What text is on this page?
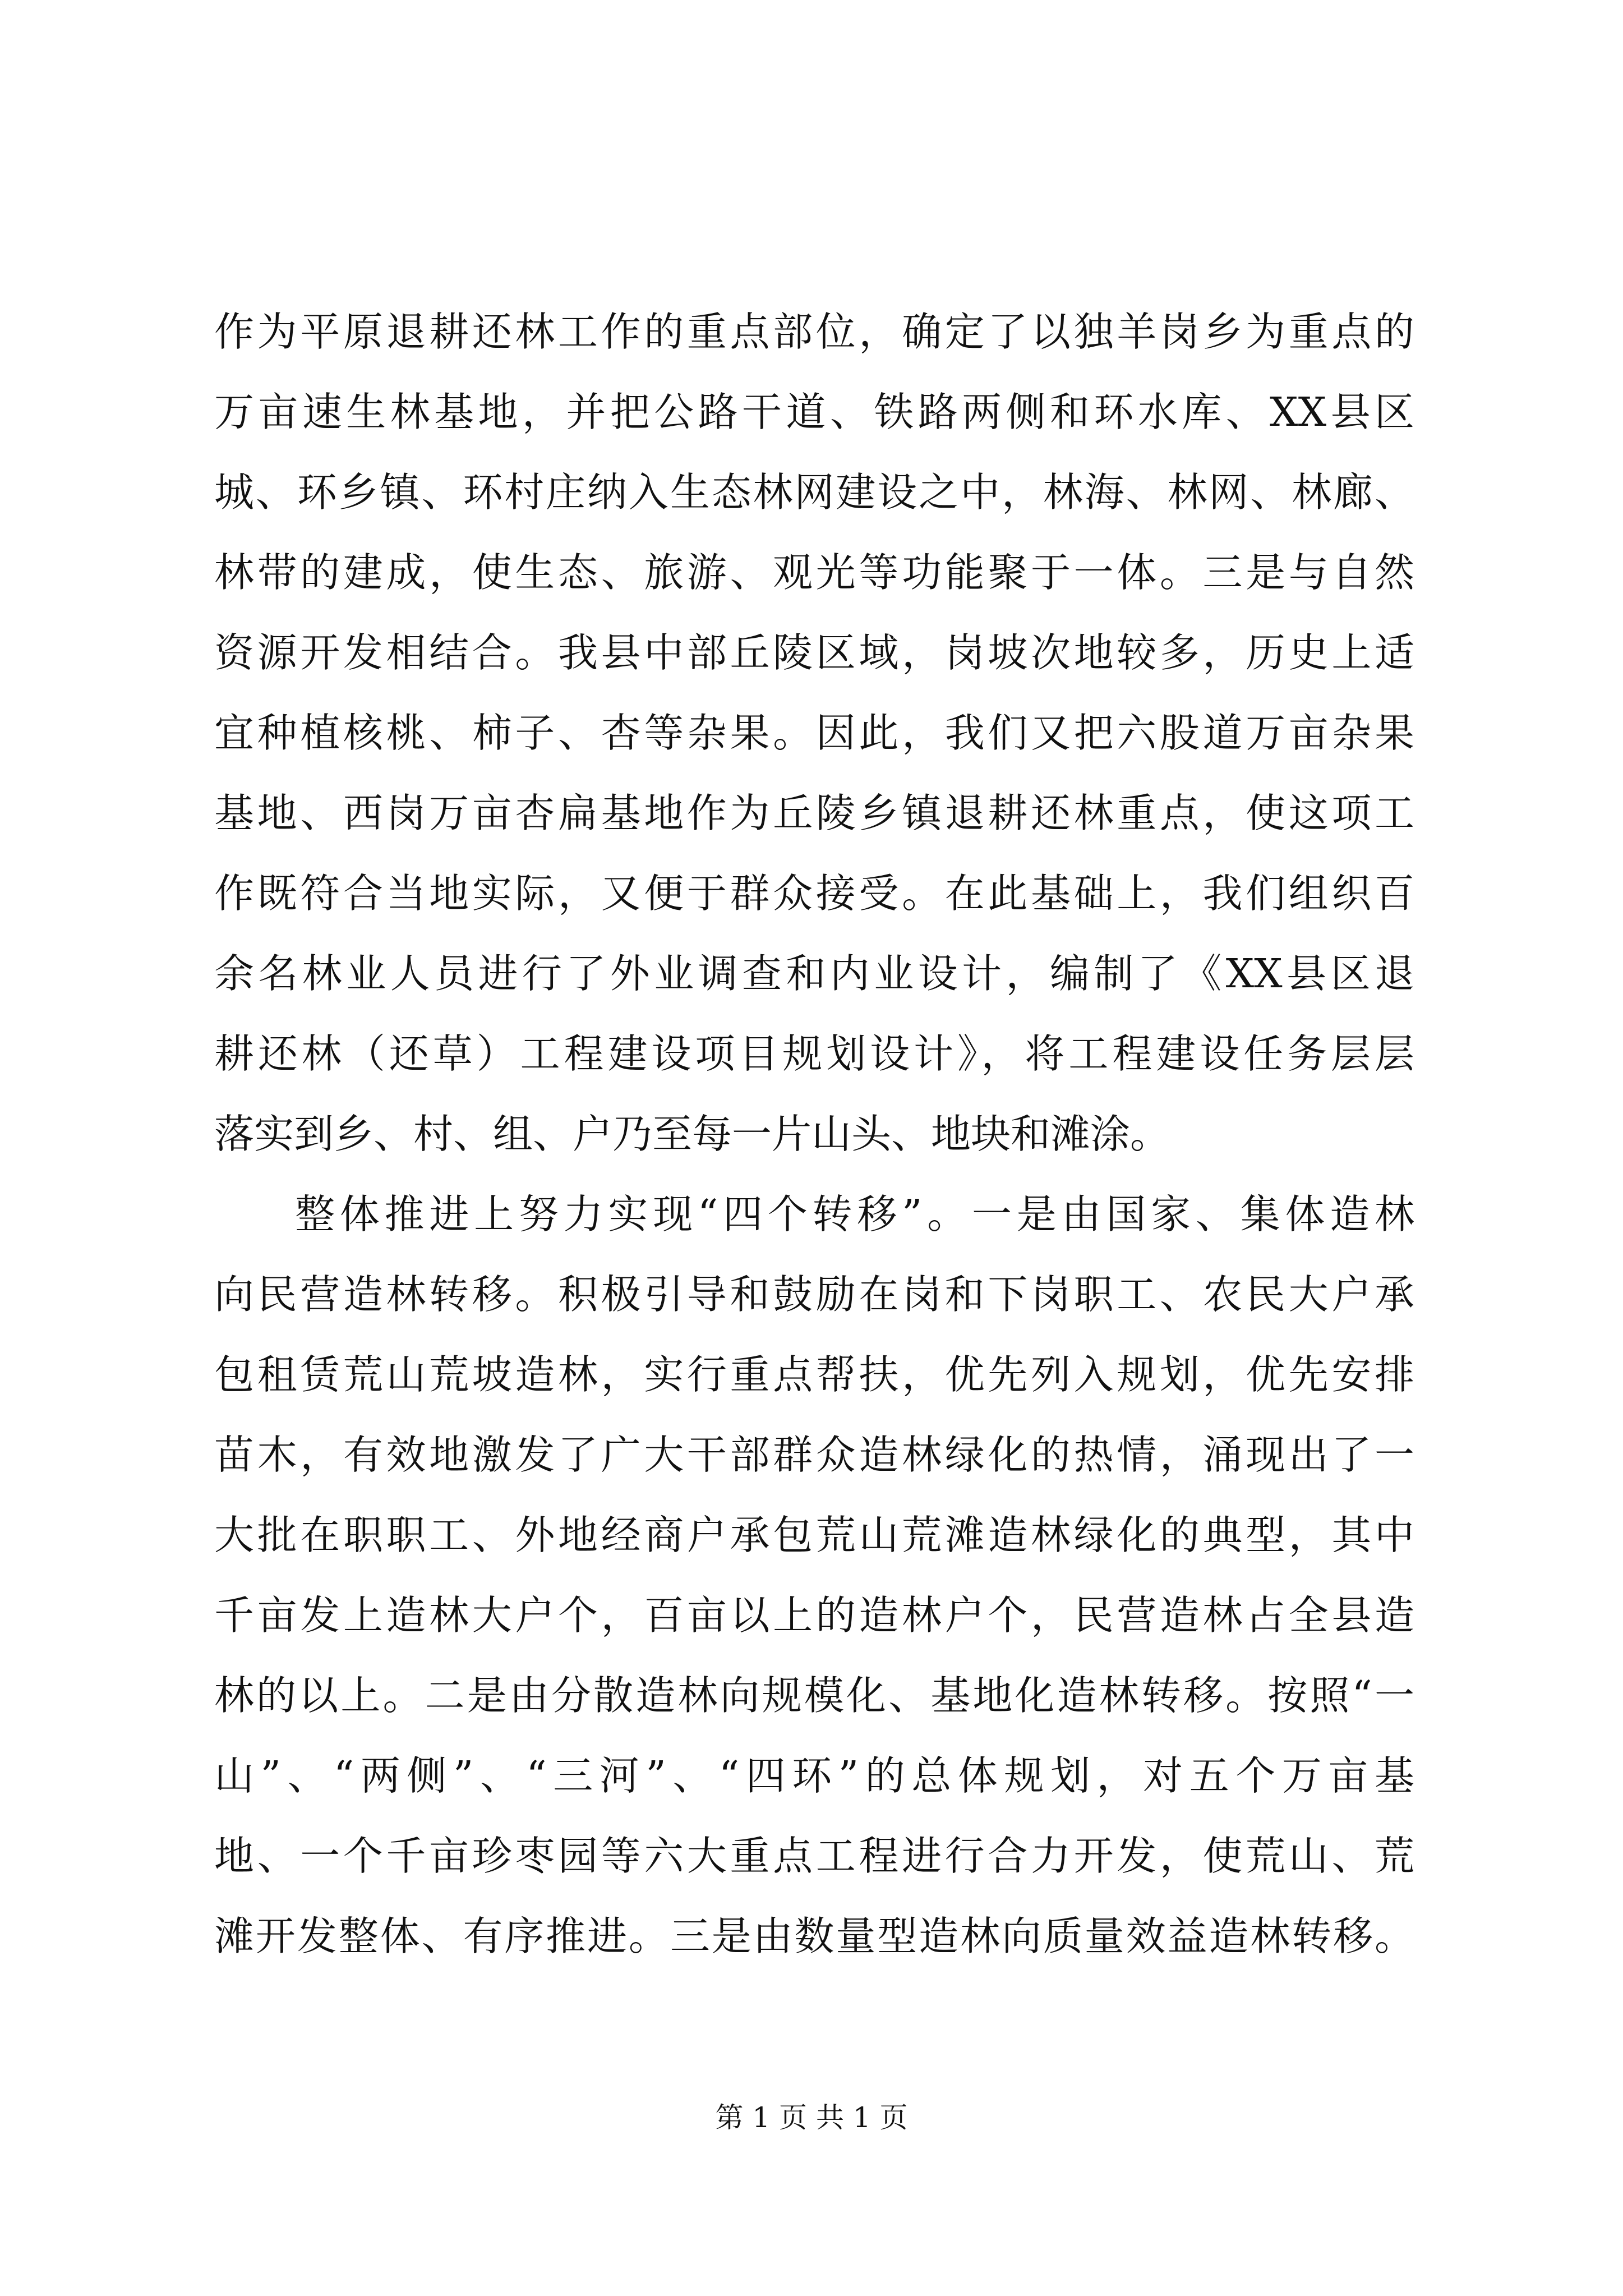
作为平原退耕还林工作的重点部位，确定了以独羊岗乡为重点的
万亩速生林基地，并把公路干道、铁路两侧和环水库、XX县区
城、环乡镇、环村庄纳入生态林网建设之中，林海、林网、林廊、
林带的建成，使生态、旅游、观光等功能聚于一体。三是与自然
资源开发相结合。我县中部丘陵区域，岗坡次地较多，历史上适
宜种植核桃、柿子、杏等杂果。因此，我们又把六股道万亩杂果
基地、西岗万亩杏扁基地作为丘陵乡镇退耕还林重点，使这项工
作既符合当地实际，又便于群众接受。在此基础上，我们组织百
余名林业人员进行了外业调查和内业设计，编制了《XX县区退
耕还林（还草）工程建设项目规划设计》，将工程建设任务层层
落实到乡、村、组、户乃至每一片山头、地块和滩涂。
整体推进上努力实现“四个转移”。一是由国家、集体造林
向民营造林转移。积极引导和鼓励在岗和下岗职工、农民大户承
包租赁荒山荒坡造林，实行重点帮扶，优先列入规划，优先安排
苗木，有效地激发了广大干部群众造林绿化的热情，涌现出了一
大批在职职工、外地经商户承包荒山荒滩造林绿化的典型，其中
千亩发上造林大户个，百亩以上的造林户个，民营造林占全县造
林的以上。二是由分散造林向规模化、基地化造林转移。按照“一
山”、“两侧”、“三河”、“四环”的总体规划，对五个万亩基
地、一个千亩珍枣园等六大重点工程进行合力开发，使荒山、荒
滩开发整体、有序推进。三是由数量型造林向质量效益造林转移。
第 1 页 共 1 页
